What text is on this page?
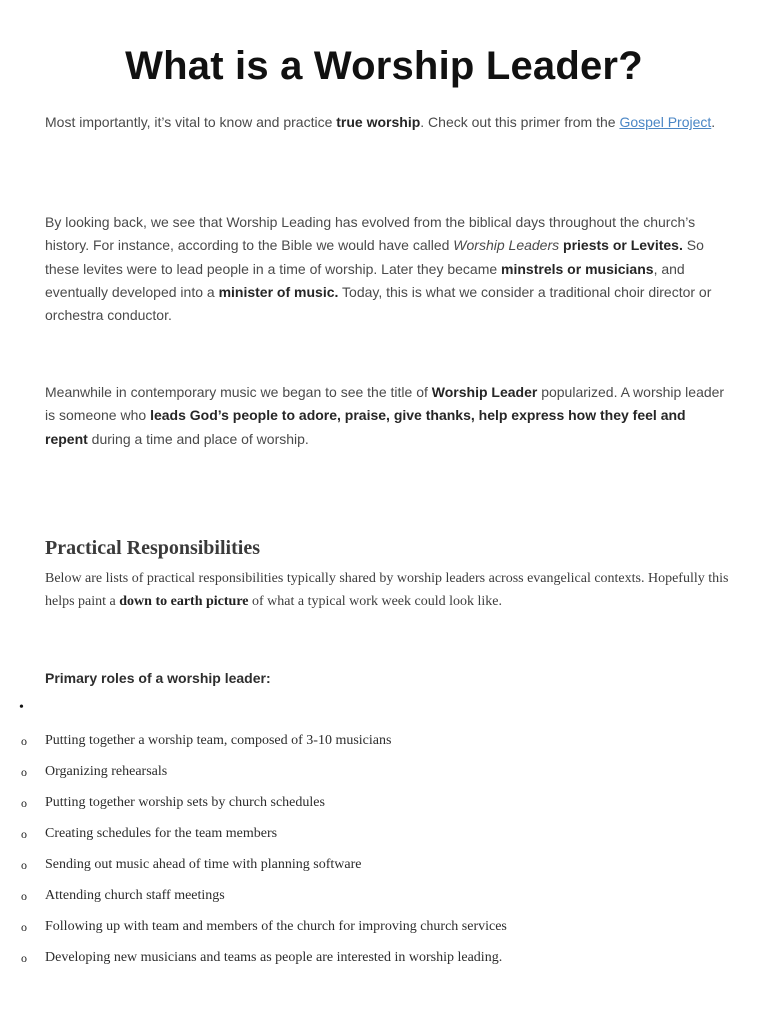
What is a Worship Leader?

Most importantly, it’s vital to know and practice true worship. Check out this primer from the Gospel Project.

By looking back, we see that Worship Leading has evolved from the biblical days throughout the church’s history. For instance, according to the Bible we would have called Worship Leaders priests or Levites. So these levites were to lead people in a time of worship. Later they became minstrels or musicians, and eventually developed into a minister of music. Today, this is what we consider a traditional choir director or orchestra conductor.

Meanwhile in contemporary music we began to see the title of Worship Leader popularized. A worship leader is someone who leads God’s people to adore, praise, give thanks, help express how they feel and repent during a time and place of worship.

Practical Responsibilities

Below are lists of practical responsibilities typically shared by worship leaders across evangelical contexts. Hopefully this helps paint a down to earth picture of what a typical work week could look like.

Primary roles of a worship leader:

•
o Putting together a worship team, composed of 3-10 musicians
o Organizing rehearsals
o Putting together worship sets by church schedules
o Creating schedules for the team members
o Sending out music ahead of time with planning software
o Attending church staff meetings
o Following up with team and members of the church for improving church services
o Developing new musicians and teams as people are interested in worship leading.
